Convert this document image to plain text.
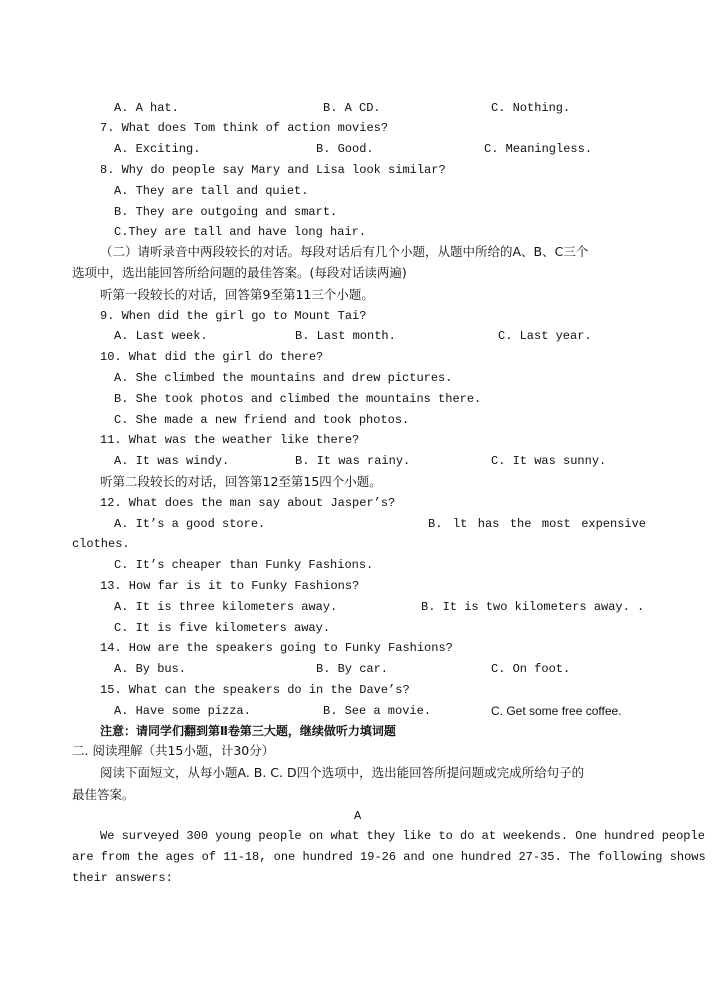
A. A hat.	B. A CD.	C. Nothing.
7. What does Tom think of action movies?
A. Exciting.	B. Good.	C. Meaningless.
8. Why do people say Mary and Lisa look similar?
A. They are tall and quiet.
B. They are outgoing and smart.
C.They are tall and have long hair.
（二）请听录音中两段较长的对话。每段对话后有几个小题，从题中所给的A、B、C三个
选项中，选出能回答所给问题的最佳答案。(每段对话读两遍)
听第一段较长的对话，回答第9至第11三个小题。
9. When did the girl go to Mount Tai?
A. Last week.	B. Last month.	C. Last year.
10. What did the girl do there?
A. She climbed the mountains and drew pictures.
B. She took photos and climbed the mountains there.
C. She made a new friend and took photos.
11. What was the weather like there?
A. It was windy.	B. It was rainy.	C. It was sunny.
听第二段较长的对话，回答第12至第15四个小题。
12. What does the man say about Jasper’s?
A. It’s a good store.	B. lt has the most expensive
clothes.
C. It’s cheaper than Funky Fashions.
13. How far is it to Funky Fashions?
A. It is three kilometers away.	B. It is two kilometers away. .
C. It is five kilometers away.
14. How are the speakers going to Funky Fashions?
A. By bus.	B. By car.	C. On foot.
15. What can the speakers do in the Dave’s?
A. Have some pizza.	B. See a movie.	C. Get some free coffee.
注意：请同学们翻到第Ⅱ卷第三大题，继续做听力填词题
二. 阅读理解（共15小题，计30分）
阅读下面短文，从每小题A. B. C. D四个选项中，选出能回答所提问题或完成所给句子的
最佳答案。
A
We surveyed 300 young people on what they like to do at weekends. One hundred people
are from the ages of 11-18, one hundred 19-26 and one hundred 27-35. The following shows
their answers:
